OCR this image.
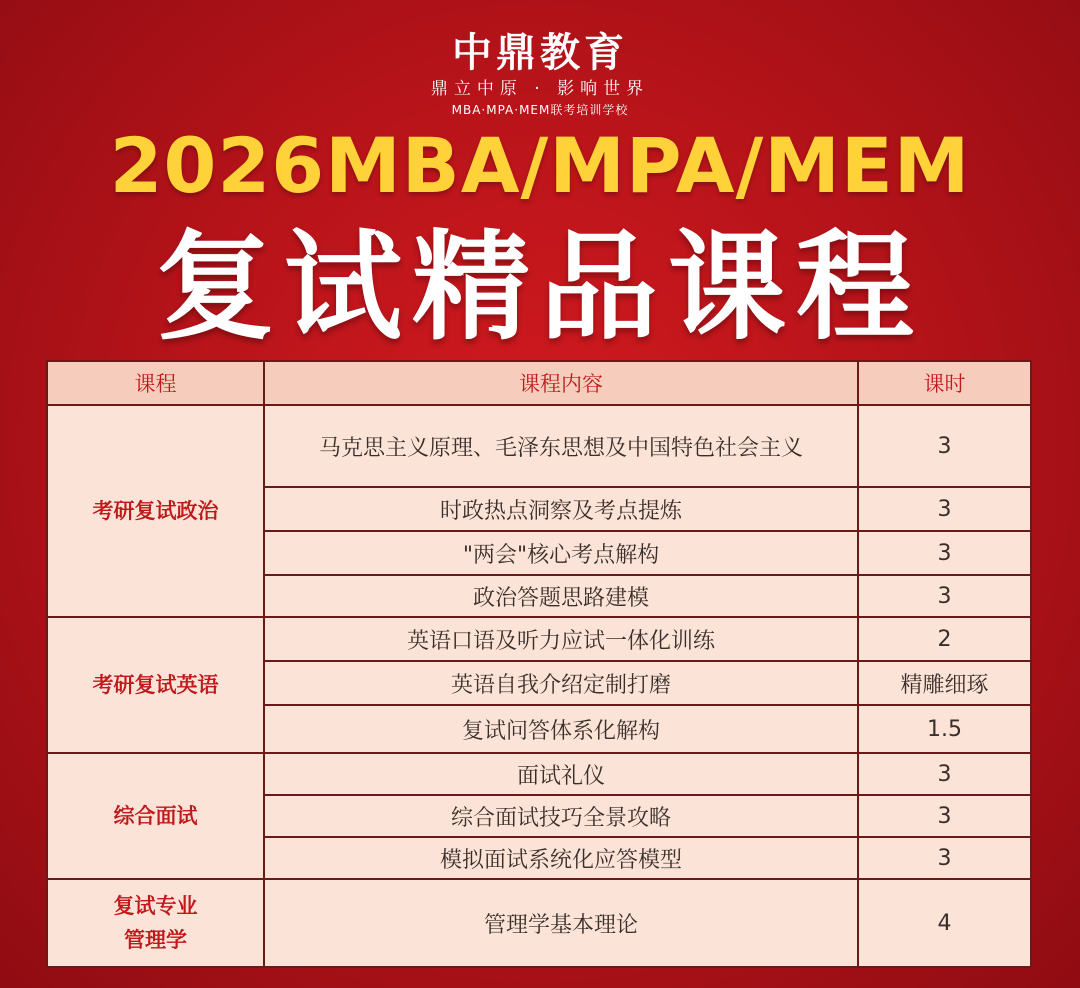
中鼎教育
鼎立中原 · 影响世界
MBA·MPA·MEM联考培训学校
2026MBA/MPA/MEM
复试精品课程
课程	课程内容	课时
考研复试政治	马克思主义原理、毛泽东思想及中国特色社会主义	3
	时政热点洞察及考点提炼	3
	"两会"核心考点解构	3
	政治答题思路建模	3
考研复试英语	英语口语及听力应试一体化训练	2
	英语自我介绍定制打磨	精雕细琢
	复试问答体系化解构	1.5
综合面试	面试礼仪	3
	综合面试技巧全景攻略	3
	模拟面试系统化应答模型	3
复试专业
管理学	管理学基本理论	4
